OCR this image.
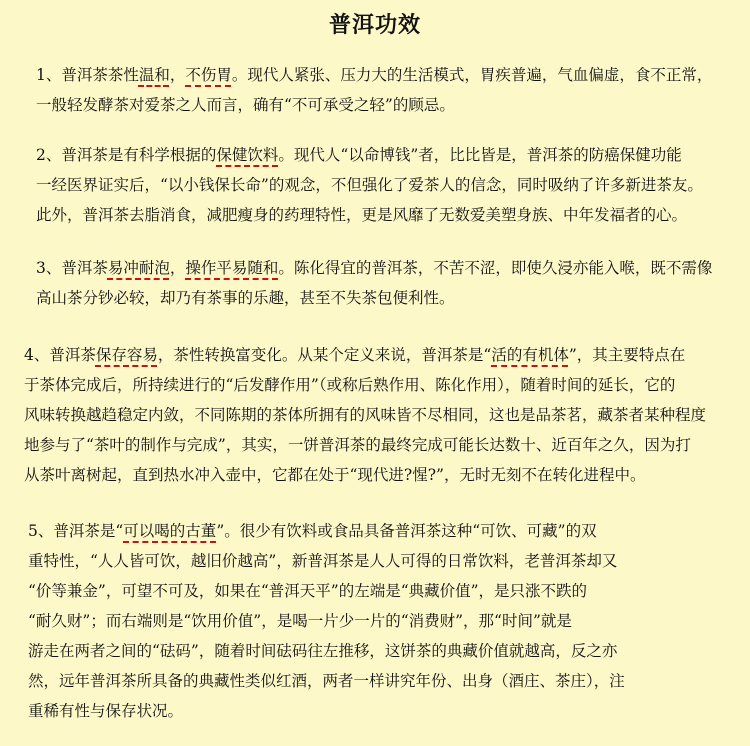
普洱功效
1、普洱茶茶性温和，不伤胃。现代人紧张、压力大的生活模式，胃疾普遍，气血偏虚，食不正常，
一般轻发酵茶对爱茶之人而言，确有“不可承受之轻”的顾忌。
2、普洱茶是有科学根据的保健饮料。现代人“以命博钱”者，比比皆是，普洱茶的防癌保健功能
一经医界证实后，“以小钱保长命”的观念，不但强化了爱茶人的信念，同时吸纳了许多新进茶友。
此外，普洱茶去脂消食，减肥瘦身的药理特性，更是风靡了无数爱美塑身族、中年发福者的心。
3、普洱茶易冲耐泡，操作平易随和。陈化得宜的普洱茶，不苦不涩，即使久浸亦能入喉，既不需像
高山茶分钞必较，却乃有茶事的乐趣，甚至不失茶包便利性。
4、普洱茶保存容易，茶性转换富变化。从某个定义来说，普洱茶是“活的有机体”，其主要特点在
于茶体完成后，所持续进行的“后发酵作用”（或称后熟作用、陈化作用），随着时间的延长，它的
风味转换越趋稳定内敛，不同陈期的茶体所拥有的风味皆不尽相同，这也是品茶茗，藏茶者某种程度
地参与了“茶叶的制作与完成”，其实，一饼普洱茶的最终完成可能长达数十、近百年之久，因为打
从茶叶离树起，直到热水冲入壶中，它都在处于“现代进?惺?”，无时无刻不在转化进程中。
5、普洱茶是“可以喝的古董”。很少有饮料或食品具备普洱茶这种“可饮、可藏”的双
重特性，“人人皆可饮，越旧价越高”，新普洱茶是人人可得的日常饮料，老普洱茶却又
“价等兼金”，可望不可及，如果在“普洱天平”的左端是“典藏价值”，是只涨不跌的
“耐久财”；而右端则是“饮用价值”，是喝一片少一片的“消费财”，那“时间”就是
游走在两者之间的“砝码”，随着时间砝码往左推移，这饼茶的典藏价值就越高，反之亦
然，远年普洱茶所具备的典藏性类似红酒，两者一样讲究年份、出身（酒庄、茶庄），注
重稀有性与保存状况。
